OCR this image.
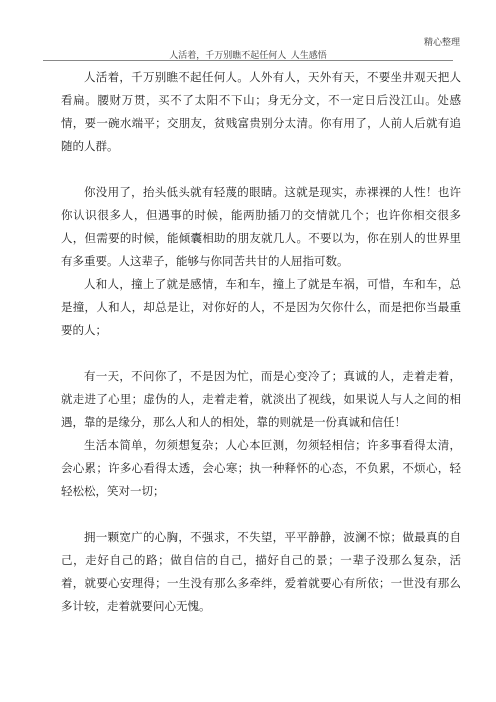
精心整理
人活着，千万别瞧不起任何人_人生感悟

人活着，千万别瞧不起任何人。人外有人，天外有天，不要坐井观天把人看扁。腰财万贯，买不了太阳不下山；身无分文，不一定日后没江山。处感情，要一碗水端平；交朋友，贫贱富贵别分太清。你有用了，人前人后就有追随的人群。

你没用了，抬头低头就有轻蔑的眼睛。这就是现实，赤裸裸的人性！也许你认识很多人，但遇事的时候，能两肋插刀的交情就几个；也许你相交很多人，但需要的时候，能倾囊相助的朋友就几人。不要以为，你在别人的世界里有多重要。人这辈子，能够与你同苦共甘的人屈指可数。

人和人，撞上了就是感情，车和车，撞上了就是车祸，可惜，车和车，总是撞，人和人，却总是让，对你好的人，不是因为欠你什么，而是把你当最重要的人；

有一天，不问你了，不是因为忙，而是心变冷了；真诚的人，走着走着，就走进了心里；虚伪的人，走着走着，就淡出了视线，如果说人与人之间的相遇，靠的是缘分，那么人和人的相处，靠的则就是一份真诚和信任！

生活本简单，勿须想复杂；人心本叵测，勿须轻相信；许多事看得太清，会心累；许多心看得太透，会心寒；执一种释怀的心态，不负累，不烦心，轻轻松松，笑对一切；

拥一颗宽广的心胸，不强求，不失望，平平静静，波澜不惊；做最真的自己，走好自己的路；做自信的自己，描好自己的景；一辈子没那么复杂，活着，就要心安理得；一生没有那么多牵绊，爱着就要心有所依；一世没有那么多计较，走着就要问心无愧。
